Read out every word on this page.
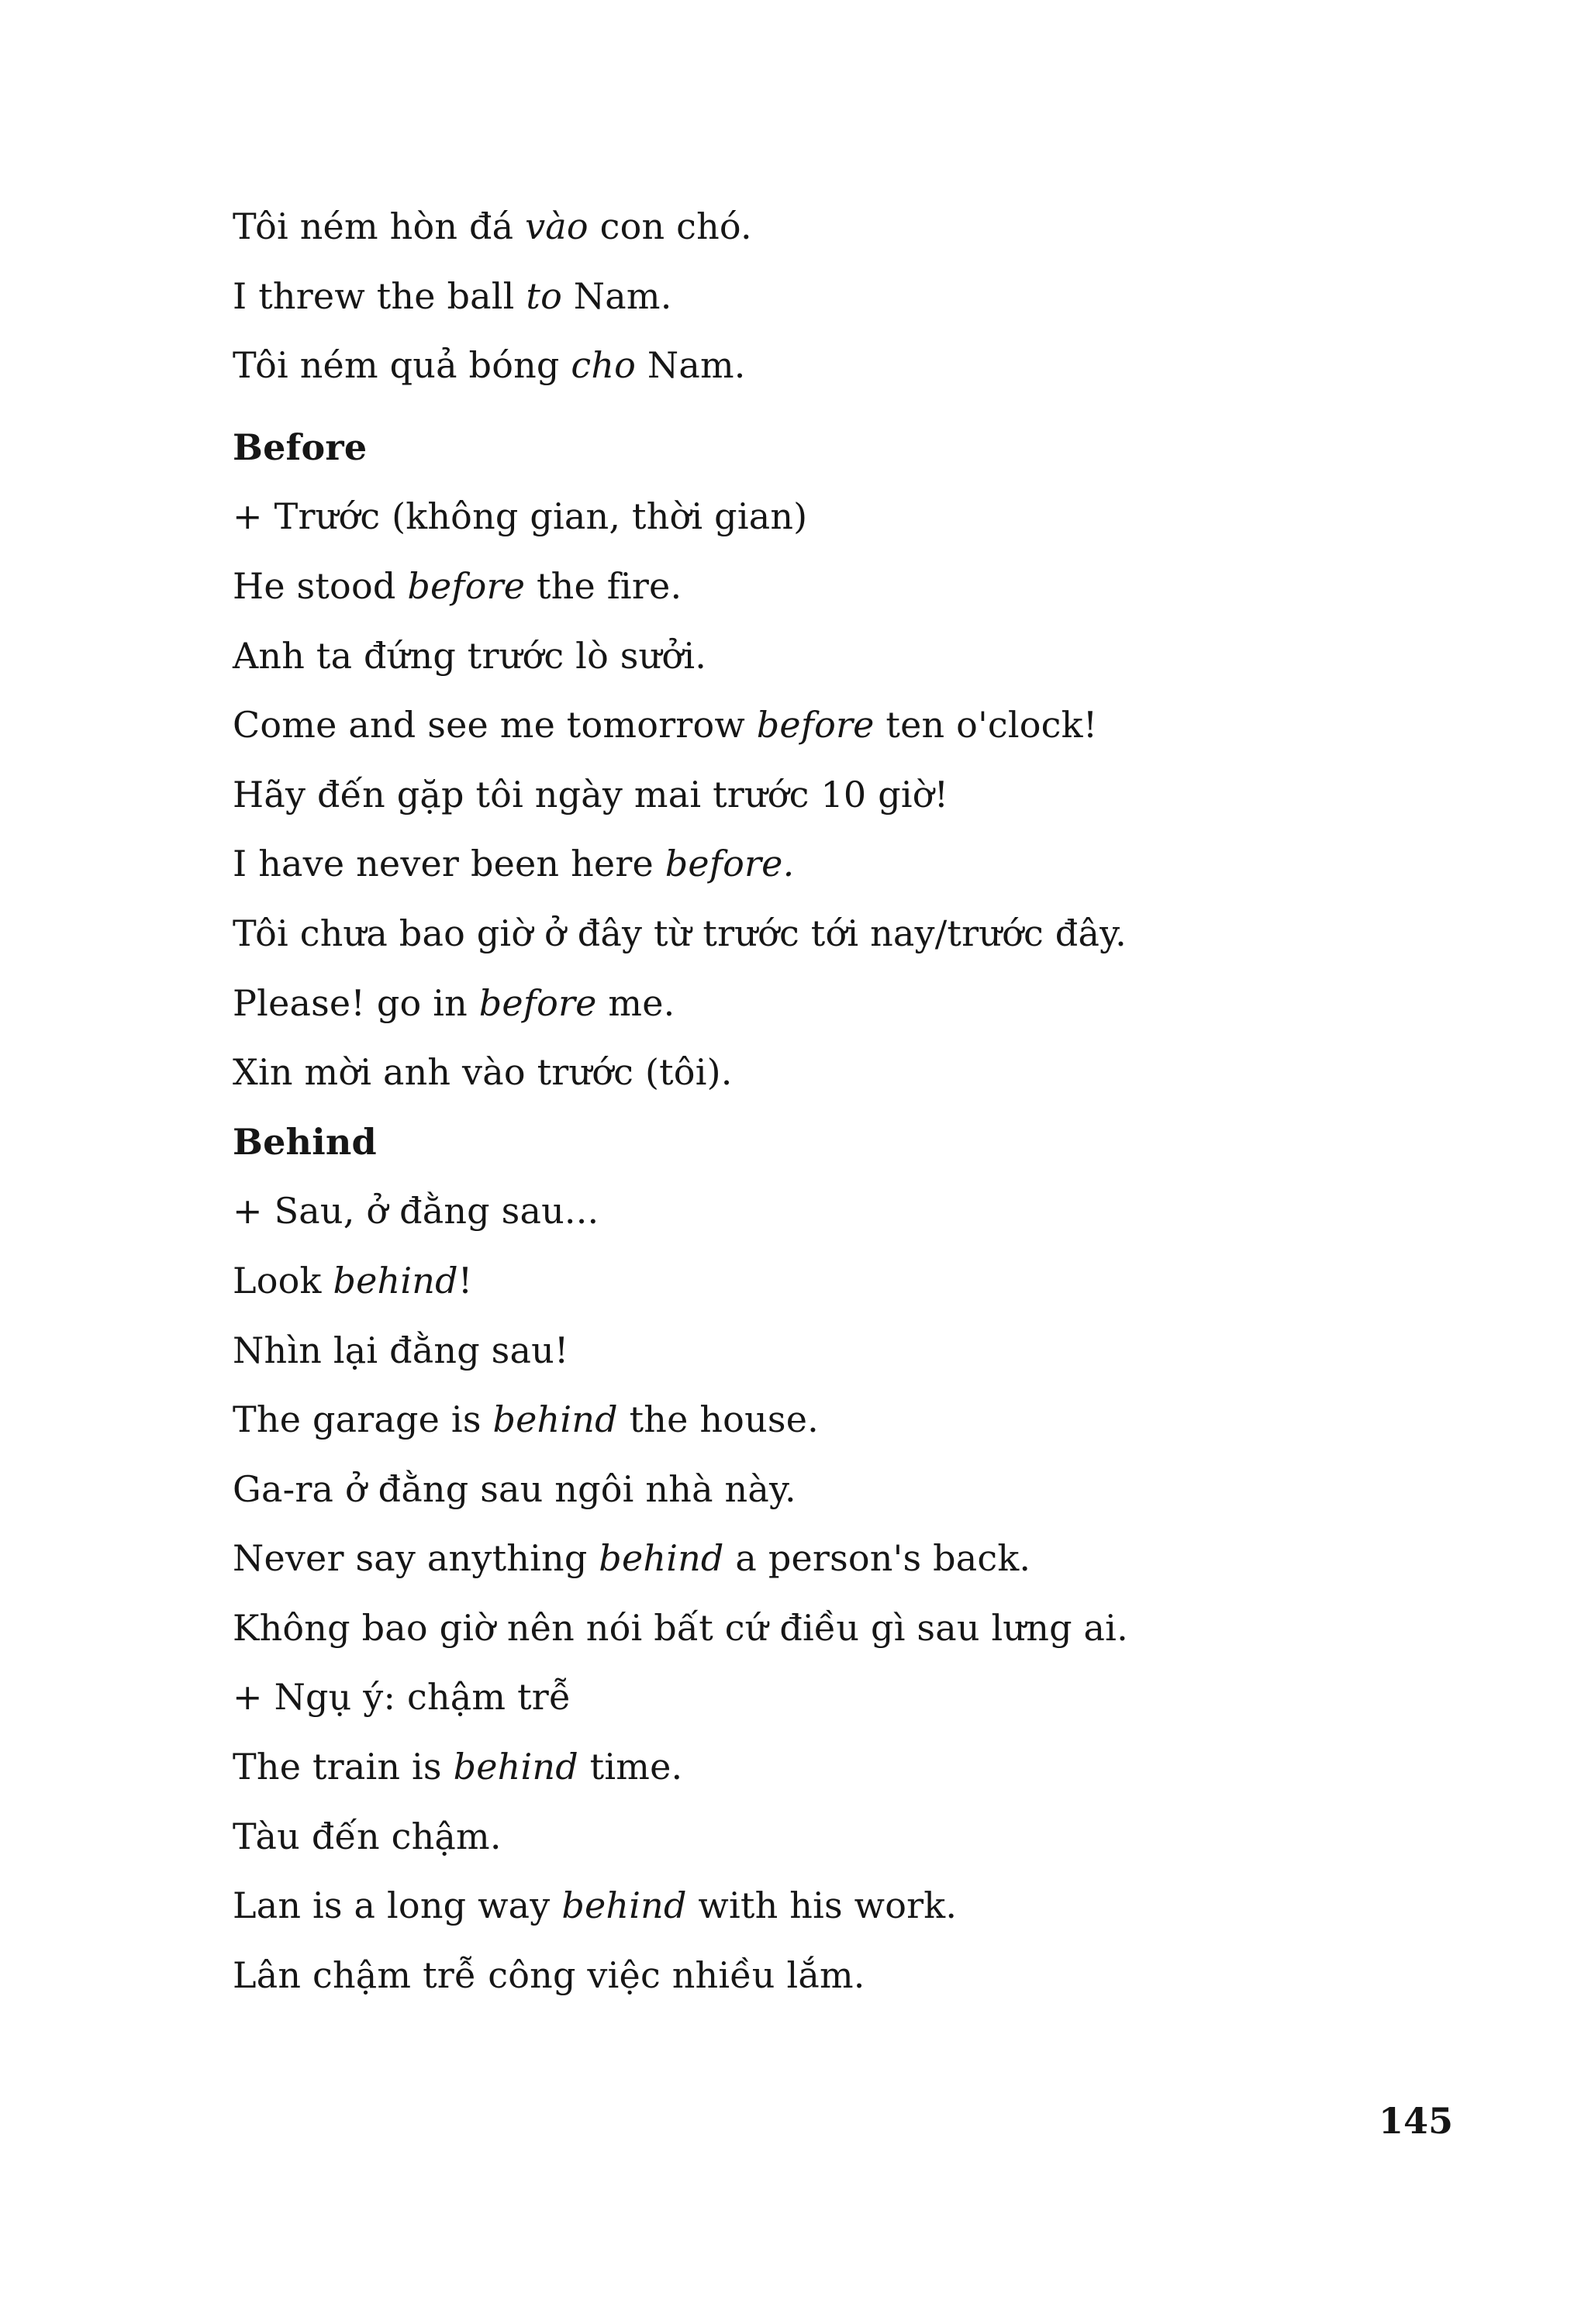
Tôi ném hòn đá vào con chó.
I threw the ball to Nam.
Tôi ném quả bóng cho Nam.
Before
+ Trước (không gian, thời gian)
He stood before the fire.
Anh ta đứng trước lò sưởi.
Come and see me tomorrow before ten o'clock!
Hãy đến gặp tôi ngày mai trước 10 giờ!
I have never been here before.
Tôi chưa bao giờ ở đây từ trước tới nay/trước đây.
Please! go in before me.
Xin mời anh vào trước (tôi).
Behind
+ Sau, ở đằng sau...
Look behind!
Nhìn lại đằng sau!
The garage is behind the house.
Ga-ra ở đằng sau ngôi nhà này.
Never say anything behind a person's back.
Không bao giờ nên nói bất cứ điều gì sau lưng ai.
+ Ngụ ý: chậm trễ
The train is behind time.
Tàu đến chậm.
Lan is a long way behind with his work.
Lân chậm trễ công việc nhiều lắm.
145
